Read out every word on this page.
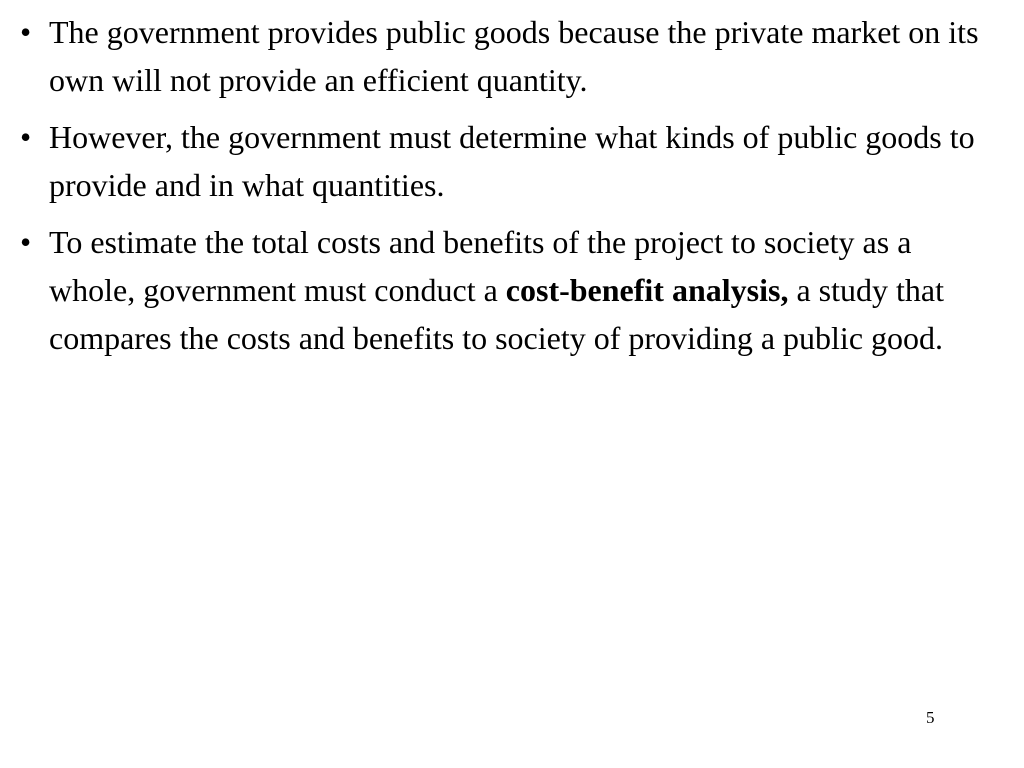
• The government provides public goods because the private market on its own will not provide an efficient quantity.
• However, the government must determine what kinds of public goods to provide and in what quantities.
• To estimate the total costs and benefits of the project to society as a whole, government must conduct a cost-benefit analysis, a study that compares the costs and benefits to society of providing a public good.
5
